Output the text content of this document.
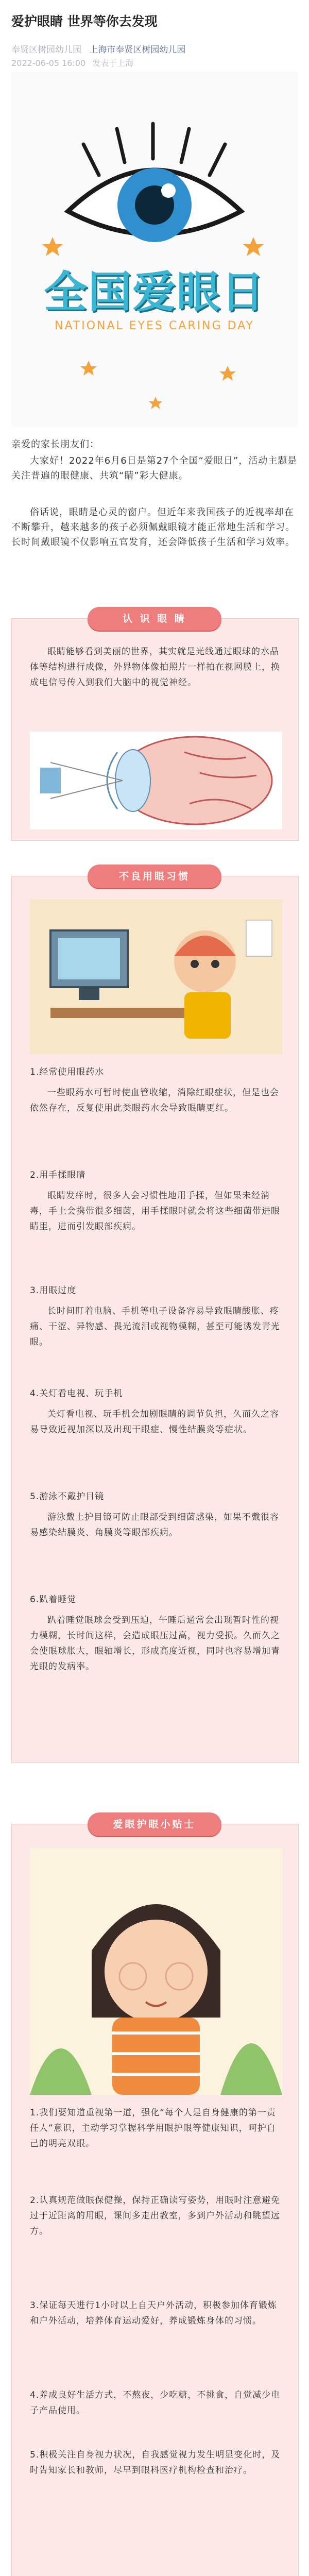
爱护眼睛 世界等你去发现
奉贤区树园幼儿园 上海市奉贤区树园幼儿园
2022-06-05 16:00 发表于上海
全国爱眼日
NATIONAL EYES CARING DAY
亲爱的家长朋友们：
大家好！2022年6月6日是第27个全国“爱眼日”，活动主题是关注普遍的眼健康、共筑“睛”彩大健康。
俗话说，眼睛是心灵的窗户。但近年来我国孩子的近视率却在不断攀升，越来越多的孩子必须佩戴眼镜才能正常地生活和学习。长时间戴眼镜不仅影响五官发育，还会降低孩子生活和学习效率。
认 识 眼 睛
眼睛能够看到美丽的世界，其实就是光线通过眼球的水晶体等结构进行成像，外界物体像拍照片一样拍在视网膜上，换成电信号传入到我们大脑中的视觉神经。
不良用眼习惯
1.经常使用眼药水
一些眼药水可暂时使血管收缩，消除红眼症状，但是也会依然存在，反复使用此类眼药水会导致眼睛更红。
2.用手揉眼睛
眼睛发痒时，很多人会习惯性地用手揉，但如果未经消毒，手上会携带很多细菌，用手揉眼时就会将这些细菌带进眼睛里，进而引发眼部疾病。
3.用眼过度
长时间盯着电脑、手机等电子设备容易导致眼睛酸胀、疼痛、干涩、异物感、畏光流泪或视物模糊，甚至可能诱发青光眼。
4.关灯看电视、玩手机
关灯看电视、玩手机会加剧眼睛的调节负担，久而久之容易导致近视加深以及出现干眼症、慢性结膜炎等症状。
5.游泳不戴护目镜
游泳戴上护目镜可防止眼部受到细菌感染，如果不戴很容易感染结膜炎、角膜炎等眼部疾病。
6.趴着睡觉
趴着睡觉眼球会受到压迫，午睡后通常会出现暂时性的视力模糊，长时间这样，会造成眼压过高，视力受损。久而久之会使眼球胀大，眼轴增长，形成高度近视，同时也容易增加青光眼的发病率。
爱眼护眼小贴士
1.我们要知道重视第一道，强化“每个人是自身健康的第一责任人”意识，主动学习掌握科学用眼护眼等健康知识，呵护自己的明亮双眼。
2.认真规范做眼保健操，保持正确读写姿势，用眼时注意避免过于近距离的用眼，课间多走出教室，多到户外活动和眺望远方。
3.保证每天进行1小时以上自天户外活动，积极参加体育锻炼和户外活动，培养体育运动爱好，养成锻炼身体的习惯。
4.养成良好生活方式，不熬夜，少吃糖，不挑食，自觉减少电子产品使用。
5.积极关注自身视力状况，自我感觉视力发生明显变化时，及时告知家长和教师，尽早到眼科医疗机构检查和治疗。
